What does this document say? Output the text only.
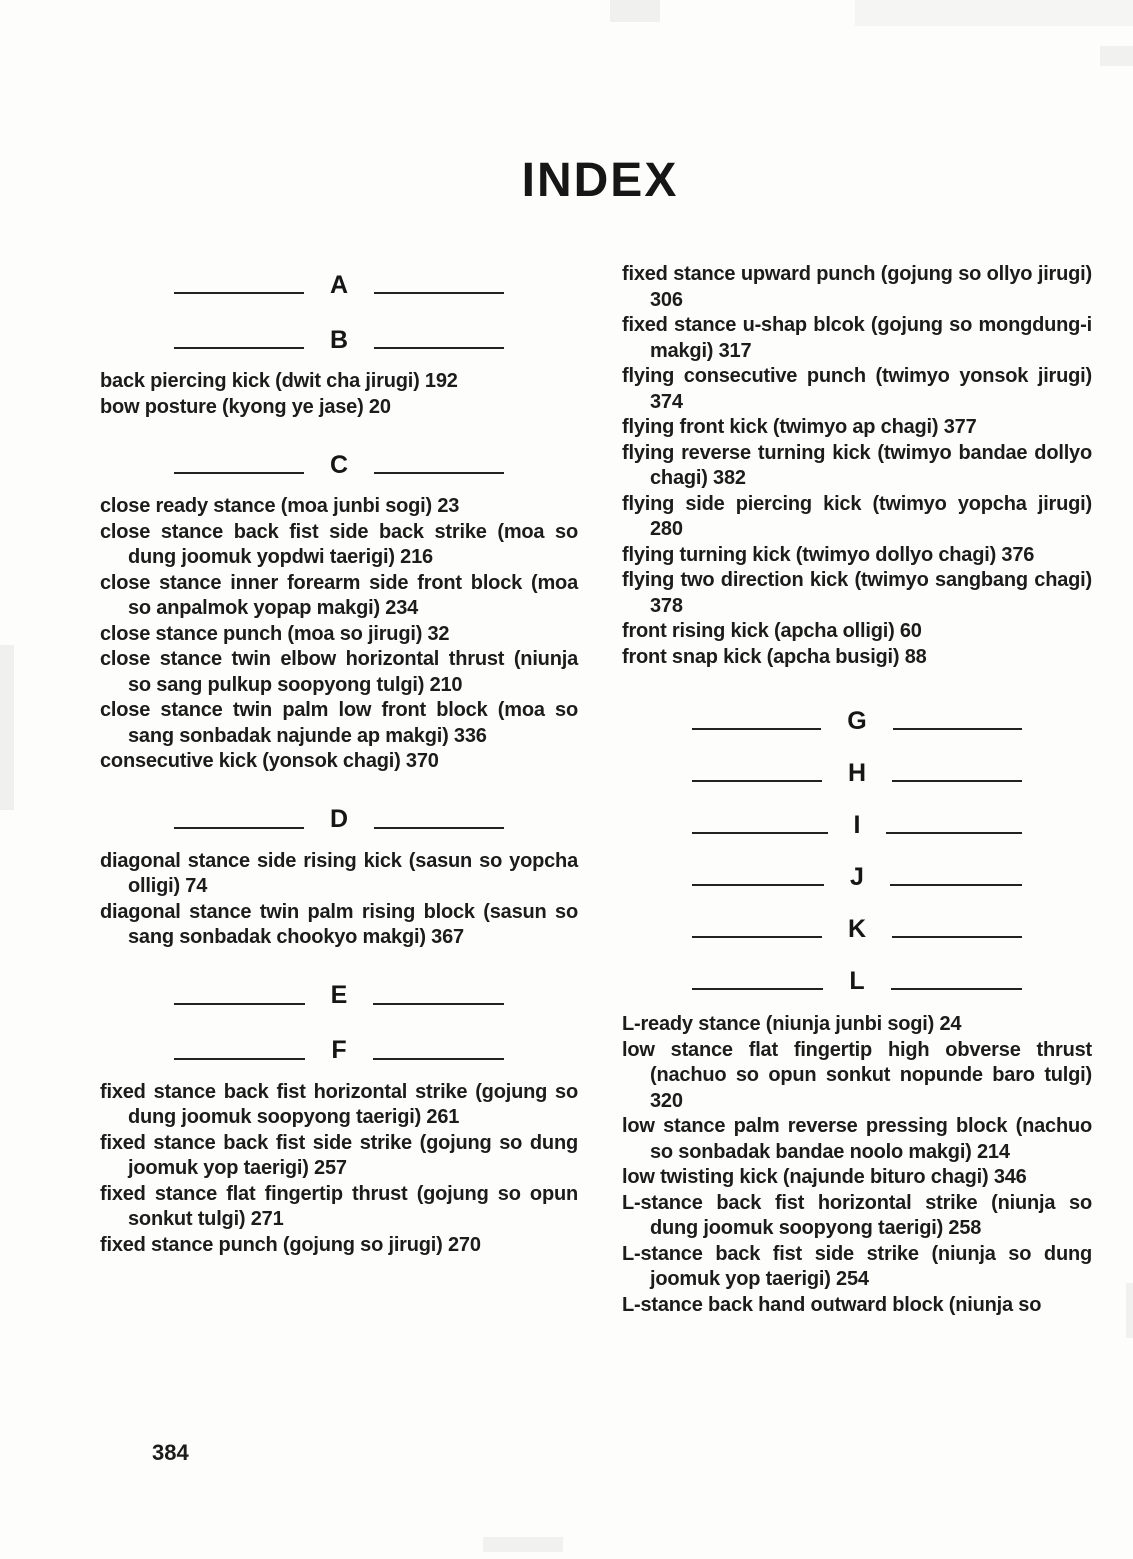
INDEX
A
B

back piercing kick (dwit cha jirugi) 192

bow posture (kyong ye jase) 20

C

close ready stance (moa junbi sogi) 23

close stance back fist side back strike (moa so dung joomuk yopdwi taerigi) 216

close stance inner forearm side front block (moa so anpalmok yopap makgi) 234

close stance punch (moa so jirugi) 32

close stance twin elbow horizontal thrust (niunja so sang pulkup soopyong tulgi) 210

close stance twin palm low front block (moa so sang sonbadak najunde ap makgi) 336

consecutive kick (yonsok chagi) 370

D

diagonal stance side rising kick (sasun so yopcha olligi) 74

diagonal stance twin palm rising block (sasun so sang sonbadak chookyo makgi) 367

E
F

fixed stance back fist horizontal strike (gojung so dung joomuk soopyong taerigi) 261

fixed stance back fist side strike (gojung so dung joomuk yop taerigi) 257

fixed stance flat fingertip thrust (gojung so opun sonkut tulgi) 271

fixed stance punch (gojung so jirugi) 270

fixed stance upward punch (gojung so ollyo jirugi) 306

fixed stance u-shap blcok (gojung so mongdung-i makgi) 317

flying consecutive punch (twimyo yonsok jirugi) 374

flying front kick (twimyo ap chagi) 377

flying reverse turning kick (twimyo bandae dollyo chagi) 382

flying side piercing kick (twimyo yopcha jirugi) 280

flying turning kick (twimyo dollyo chagi) 376

flying two direction kick (twimyo sangbang chagi) 378

front rising kick (apcha olligi) 60

front snap kick (apcha busigi) 88

G
H
I
J
K
L

L-ready stance (niunja junbi sogi) 24

low stance flat fingertip high obverse thrust (nachuo so opun sonkut nopunde baro tulgi) 320

low stance palm reverse pressing block (nachuo so sonbadak bandae noolo makgi) 214

low twisting kick (najunde bituro chagi) 346

L-stance back fist horizontal strike (niunja so dung joomuk soopyong taerigi) 258

L-stance back fist side strike (niunja so dung joomuk yop taerigi) 254

L-stance back hand outward block (niunja so

384
